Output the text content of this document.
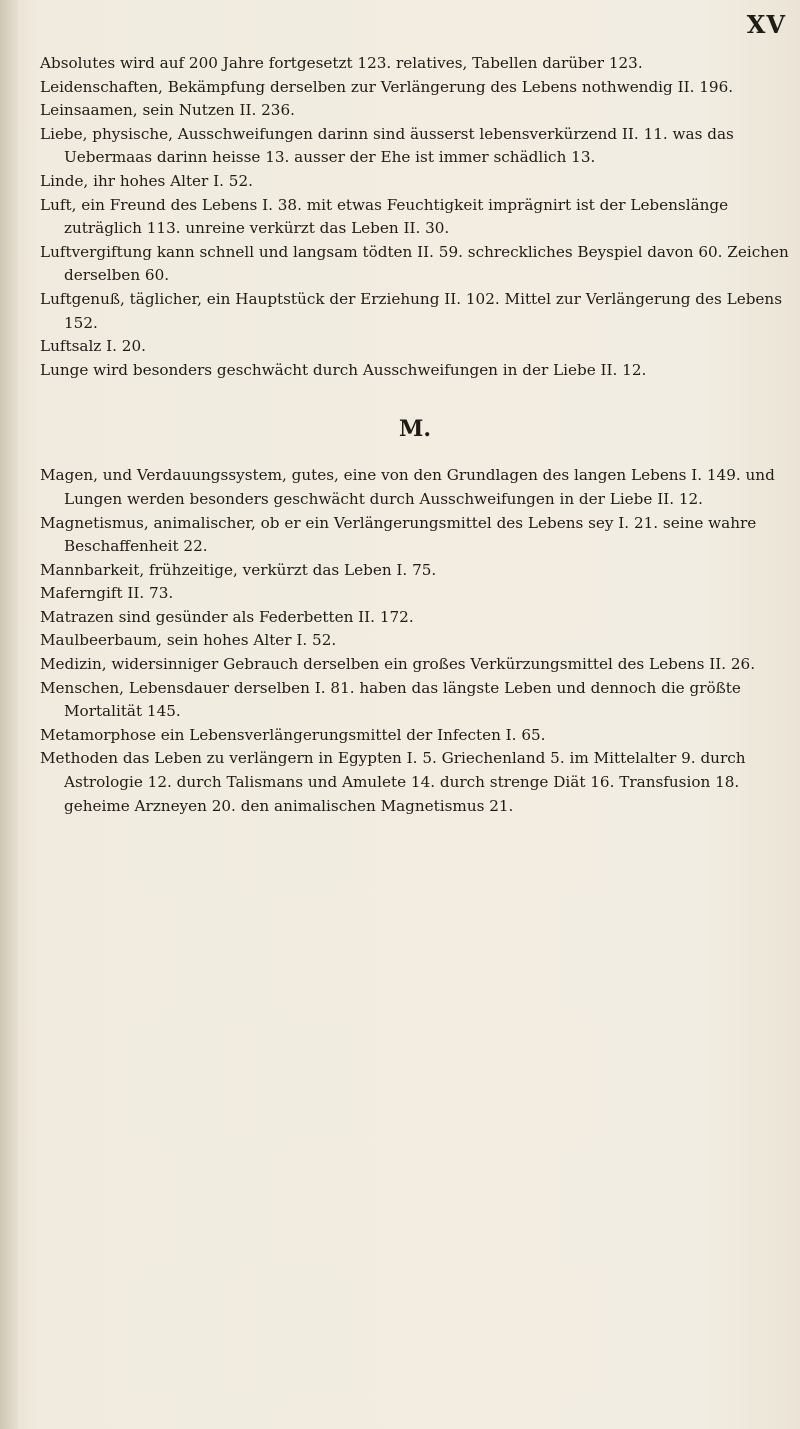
XV

Absolutes wird auf 200 Jahre fortgesetzt 123. relatives, Tabellen darüber 123.

Leidenschaften, Bekämpfung derselben zur Verlängerung des Lebens nothwendig II. 196.

Leinsaamen, sein Nutzen II. 236.

Liebe, physische, Ausschweifungen darinn sind äusserst lebensverkürzend II. 11. was das Uebermaas darinn heisse 13. ausser der Ehe ist immer schädlich 13.

Linde, ihr hohes Alter I. 52.

Luft, ein Freund des Lebens I. 38. mit etwas Feuchtigkeit imprägnirt ist der Lebenslänge zuträglich 113. unreine verkürzt das Leben II. 30.

Luftvergiftung kann schnell und langsam tödten II. 59. schreckliches Beyspiel davon 60. Zeichen derselben 60.

Luftgenuß, täglicher, ein Hauptstück der Erziehung II. 102. Mittel zur Verlängerung des Lebens 152.

Luftsalz I. 20.

Lunge wird besonders geschwächt durch Ausschweifungen in der Liebe II. 12.

M.

Magen, und Verdauungssystem, gutes, eine von den Grundlagen des langen Lebens I. 149. und Lungen werden besonders geschwächt durch Ausschweifungen in der Liebe II. 12.

Magnetismus, animalischer, ob er ein Verlängerungsmittel des Lebens sey I. 21. seine wahre Beschaffenheit 22.

Mannbarkeit, frühzeitige, verkürzt das Leben I. 75.

Maferngift II. 73.

Matrazen sind gesünder als Federbetten II. 172.

Maulbeerbaum, sein hohes Alter I. 52.

Medizin, widersinniger Gebrauch derselben ein großes Verkürzungsmittel des Lebens II. 26.

Menschen, Lebensdauer derselben I. 81. haben das längste Leben und dennoch die größte Mortalität 145.

Metamorphose ein Lebensverlängerungsmittel der Infecten I. 65.

Methoden das Leben zu verlängern in Egypten I. 5. Griechenland 5. im Mittelalter 9. durch Astrologie 12. durch Talismans und Amulete 14. durch strenge Diät 16. Transfusion 18. geheime Arzneyen 20. den animalischen Magnetismus 21.
